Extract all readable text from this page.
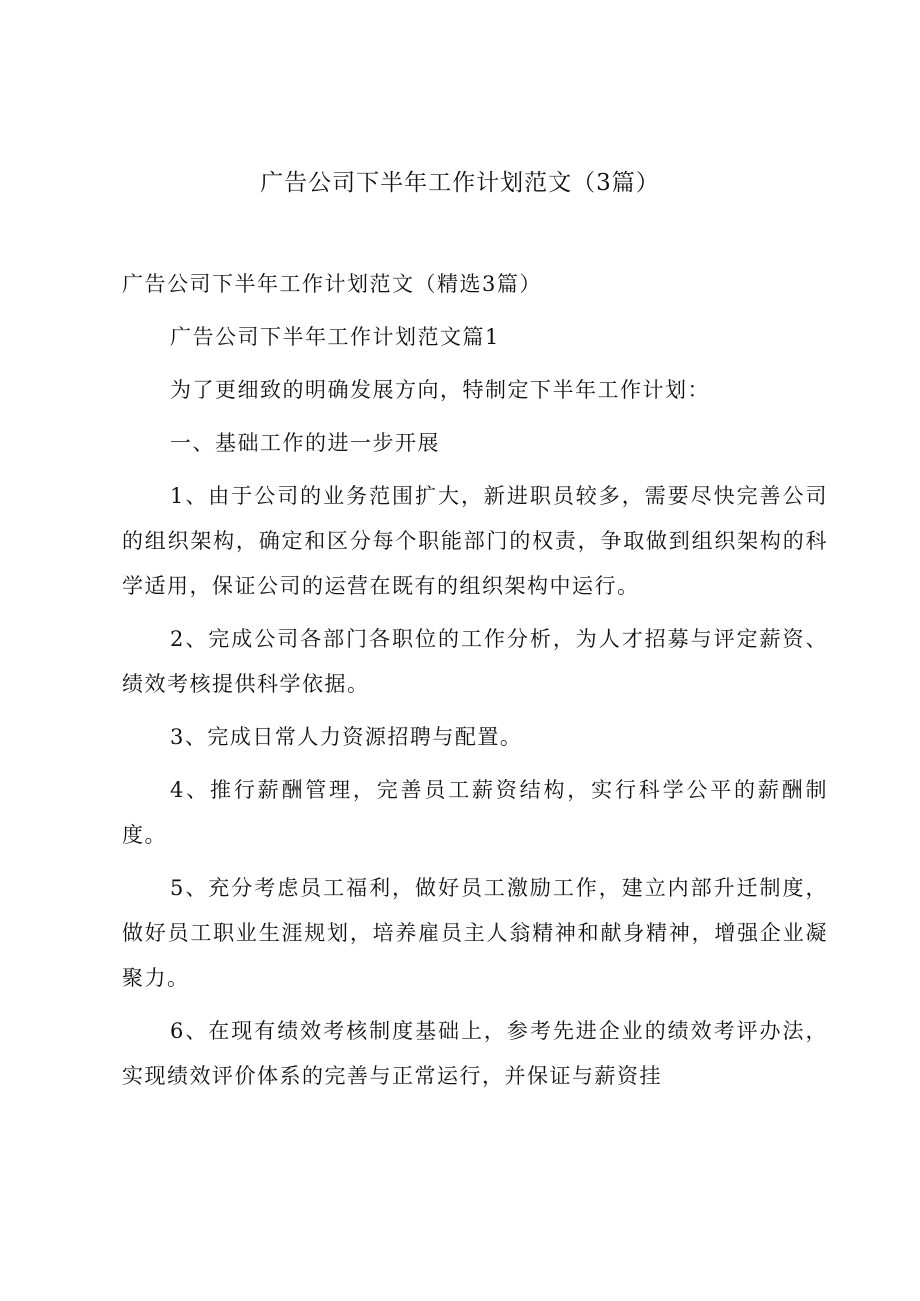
广告公司下半年工作计划范文（3篇）

广告公司下半年工作计划范文（精选3篇）

广告公司下半年工作计划范文篇1

为了更细致的明确发展方向，特制定下半年工作计划：

一、基础工作的进一步开展

1、由于公司的业务范围扩大，新进职员较多，需要尽快完善公司的组织架构，确定和区分每个职能部门的权责，争取做到组织架构的科学适用，保证公司的运营在既有的组织架构中运行。

2、完成公司各部门各职位的工作分析，为人才招募与评定薪资、绩效考核提供科学依据。

3、完成日常人力资源招聘与配置。

4、推行薪酬管理，完善员工薪资结构，实行科学公平的薪酬制度。

5、充分考虑员工福利，做好员工激励工作，建立内部升迁制度，做好员工职业生涯规划，培养雇员主人翁精神和献身精神，增强企业凝聚力。

6、在现有绩效考核制度基础上，参考先进企业的绩效考评办法，实现绩效评价体系的完善与正常运行，并保证与薪资挂
